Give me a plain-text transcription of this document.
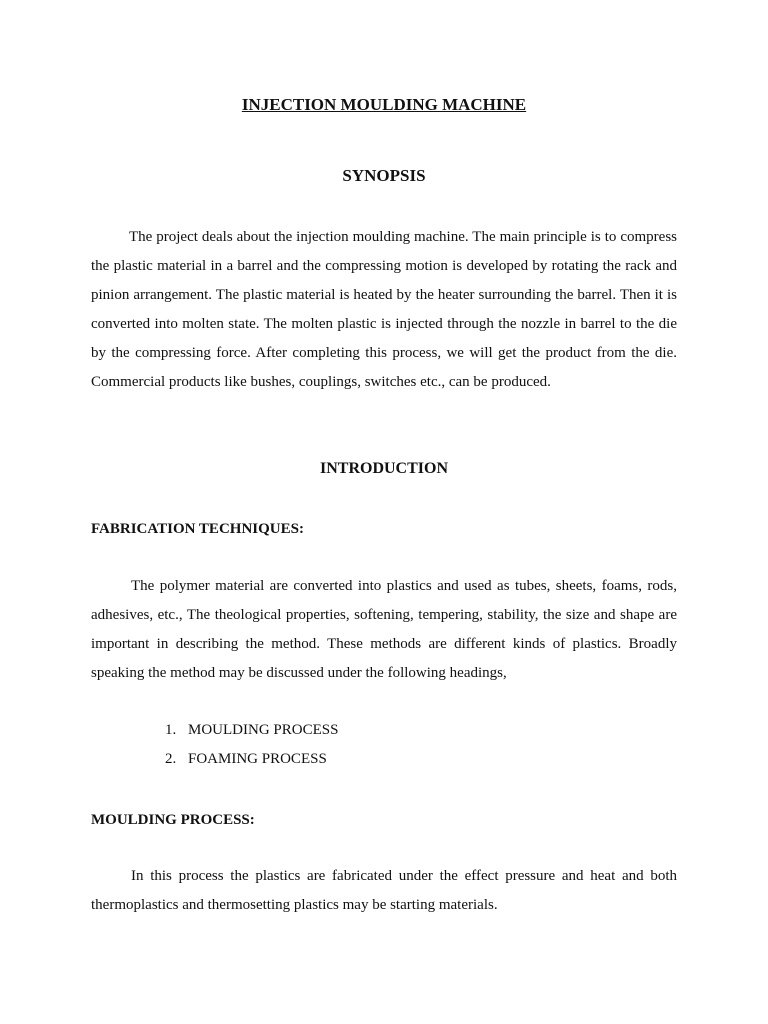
INJECTION MOULDING MACHINE
SYNOPSIS

The project deals about the injection moulding machine. The main principle is to compress the plastic material in a barrel and the compressing motion is developed by rotating the rack and pinion arrangement. The plastic material is heated by the heater surrounding the barrel. Then it is converted into molten state. The molten plastic is injected through the nozzle in barrel to the die by the compressing force. After completing this process, we will get the product from the die. Commercial products like bushes, couplings, switches etc., can be produced.

INTRODUCTION
FABRICATION TECHNIQUES:

The polymer material are converted into plastics and used as tubes, sheets, foams, rods, adhesives, etc., The theological properties, softening, tempering, stability, the size and shape are important in describing the method. These methods are different kinds of plastics. Broadly speaking the method may be discussed under the following headings,

1. MOULDING PROCESS
2. FOAMING PROCESS
MOULDING PROCESS:

In this process the plastics are fabricated under the effect pressure and heat and both thermoplastics and thermosetting plastics may be starting materials.
